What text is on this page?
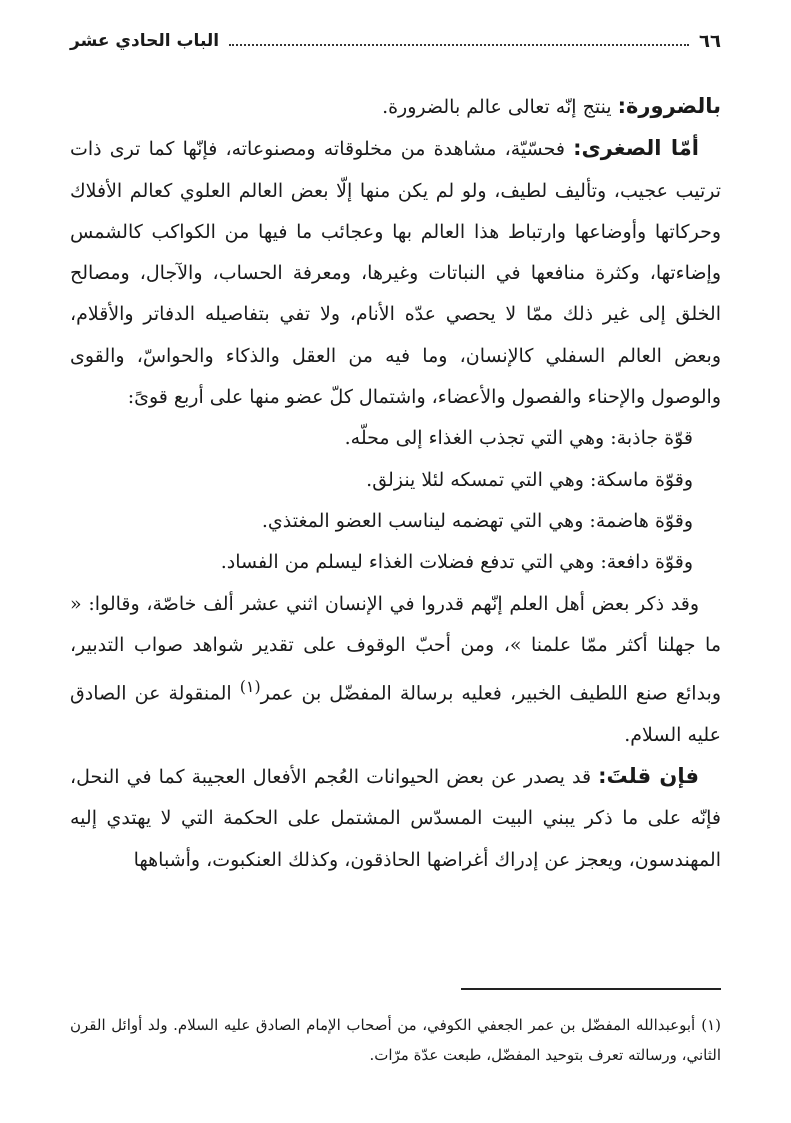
٦٦
الباب الحادي عشر

بالضرورة: ينتج إنّه تعالى عالم بالضرورة.

أمّا الصغرى: فحسّيّة، مشاهدة من مخلوقاته ومصنوعاته، فإنّها كما ترى ذات ترتيب عجيب، وتأليف لطيف، ولو لم يكن منها إلّا بعض العالم العلوي كعالم الأفلاك وحركاتها وأوضاعها وارتباط هذا العالم بها وعجائب ما فيها من الكواكب كالشمس وإضاءتها، وكثرة منافعها في النباتات وغيرها، ومعرفة الحساب، والآجال، ومصالح الخلق إلى غير ذلك ممّا لا يحصي عدّه الأنام، ولا تفي بتفاصيله الدفاتر والأقلام، وبعض العالم السفلي كالإنسان، وما فيه من العقل والذكاء والحواسّ، والقوى والوصول والإحناء والفصول والأعضاء، واشتمال كلّ عضو منها على أربع قوىً:

قوّة جاذبة: وهي التي تجذب الغذاء إلى محلّه.

وقوّة ماسكة: وهي التي تمسكه لئلا ينزلق.

وقوّة هاضمة: وهي التي تهضمه ليناسب العضو المغتذي.

وقوّة دافعة: وهي التي تدفع فضلات الغذاء ليسلم من الفساد.

وقد ذكر بعض أهل العلم إنّهم قدروا في الإنسان اثني عشر ألف خاصّة، وقالوا: « ما جهلنا أكثر ممّا علمنا »، ومن أحبّ الوقوف على تقدير شواهد صواب التدبير، وبدائع صنع اللطيف الخبير، فعليه برسالة المفضّل بن عمر$^{(١)}$ المنقولة عن الصادق عليه السلام.

فإن قلتَ: قد يصدر عن بعض الحيوانات العُجم الأفعال العجيبة كما في النحل، فإنّه على ما ذكر يبني البيت المسدّس المشتمل على الحكمة التي لا يهتدي إليه المهندسون، ويعجز عن إدراك أغراضها الحاذقون، وكذلك العنكبوت، وأشباهها

(١)أبوعبدالله المفضّل بن عمر الجعفي الكوفي، من أصحاب الإمام الصادق عليه السلام. ولد أوائل القرن الثاني، ورسالته تعرف بتوحيد المفضّل، طبعت عدّة مرّات.
